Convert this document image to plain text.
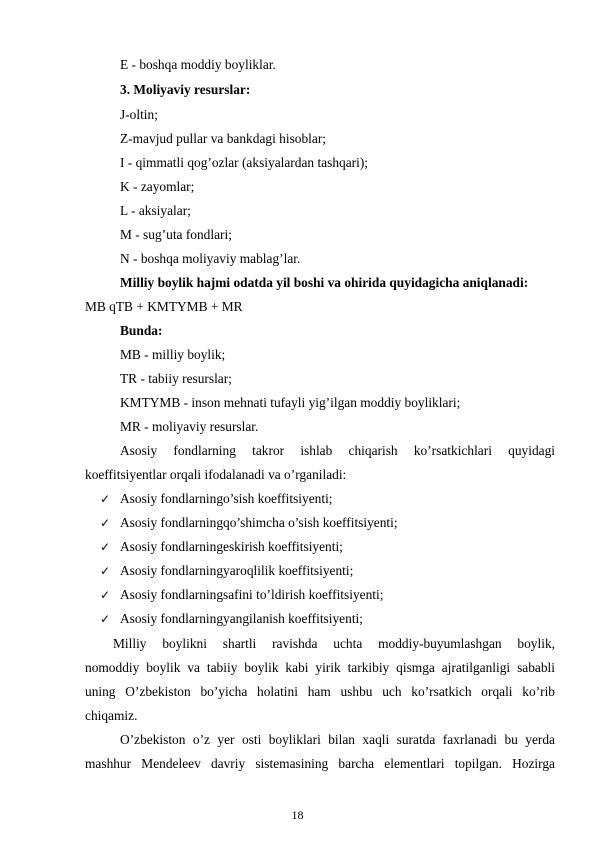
E - boshqa moddiy boyliklar.
3. Moliyaviy resurslar:
J-oltin;
Z-mavjud pullar va bankdagi hisoblar;
I - qimmatli qog’ozlar (aksiyalardan tashqari);
K - zayomlar;
L - aksiyalar;
M - sug’uta fondlari;
N - boshqa moliyaviy mablag’lar.
Milliy boylik hajmi odatda yil boshi va ohirida quyidagicha aniqlanadi:
MB qTB + KMTYMB + MR
Bunda:
MB - milliy boylik;
TR - tabiiy resurslar;
KMTYMB - inson mehnati tufayli yig’ilgan moddiy boyliklari;
MR - moliyaviy resurslar.
Asosiy fondlarning takror ishlab chiqarish ko’rsatkichlari quyidagi
koeffitsiyentlar orqali ifodalanadi va o’rganiladi:
✓ Asosiy fondlarningo’sish koeffitsiyenti;
✓ Asosiy fondlarningqo’shimcha o’sish koeffitsiyenti;
✓ Asosiy fondlarningeskirish koeffitsiyenti;
✓ Asosiy fondlarningyaroqlilik koeffitsiyenti;
✓ Asosiy fondlarningsafini to’ldirish koeffitsiyenti;
✓ Asosiy fondlarningyangilanish koeffitsiyenti;
Milliy boylikni shartli ravishda uchta moddiy-buyumlashgan boylik,
nomoddiy boylik va tabiiy boylik kabi yirik tarkibiy qismga ajratilganligi sababli
uning O’zbekiston bo’yicha holatini ham ushbu uch ko’rsatkich orqali ko’rib
chiqamiz.
O’zbekiston o’z yer osti boyliklari bilan xaqli suratda faxrlanadi bu yerda
mashhur Mendeleev davriy sistemasining barcha elementlari topilgan. Hozirga
18
